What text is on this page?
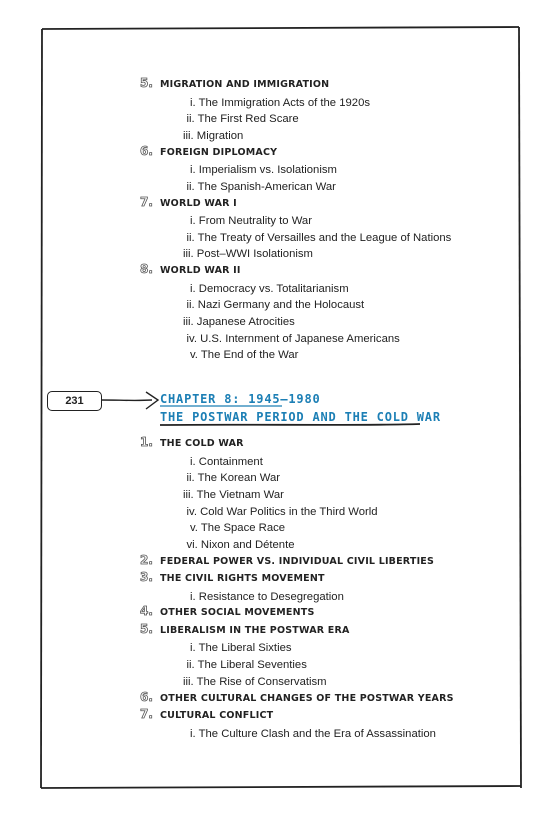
231	CHAPTER 8: 1945–1980
THE POSTWAR PERIOD AND THE COLD WAR
5. MIGRATION AND IMMIGRATION
i. The Immigration Acts of the 1920s
ii. The First Red Scare
iii. Migration
6. FOREIGN DIPLOMACY
i. Imperialism vs. Isolationism
ii. The Spanish-American War
7. WORLD WAR I
i. From Neutrality to War
ii. The Treaty of Versailles and the League of Nations
iii. Post–WWI Isolationism
8. WORLD WAR II
i. Democracy vs. Totalitarianism
ii. Nazi Germany and the Holocaust
iii. Japanese Atrocities
iv. U.S. Internment of Japanese Americans
v. The End of the War
1. THE COLD WAR
i. Containment
ii. The Korean War
iii. The Vietnam War
iv. Cold War Politics in the Third World
v. The Space Race
vi. Nixon and Détente
2. FEDERAL POWER VS. INDIVIDUAL CIVIL LIBERTIES
3. THE CIVIL RIGHTS MOVEMENT
i. Resistance to Desegregation
4. OTHER SOCIAL MOVEMENTS
5. LIBERALISM IN THE POSTWAR ERA
i. The Liberal Sixties
ii. The Liberal Seventies
iii. The Rise of Conservatism
6. OTHER CULTURAL CHANGES OF THE POSTWAR YEARS
7. CULTURAL CONFLICT
i. The Culture Clash and the Era of Assassination
